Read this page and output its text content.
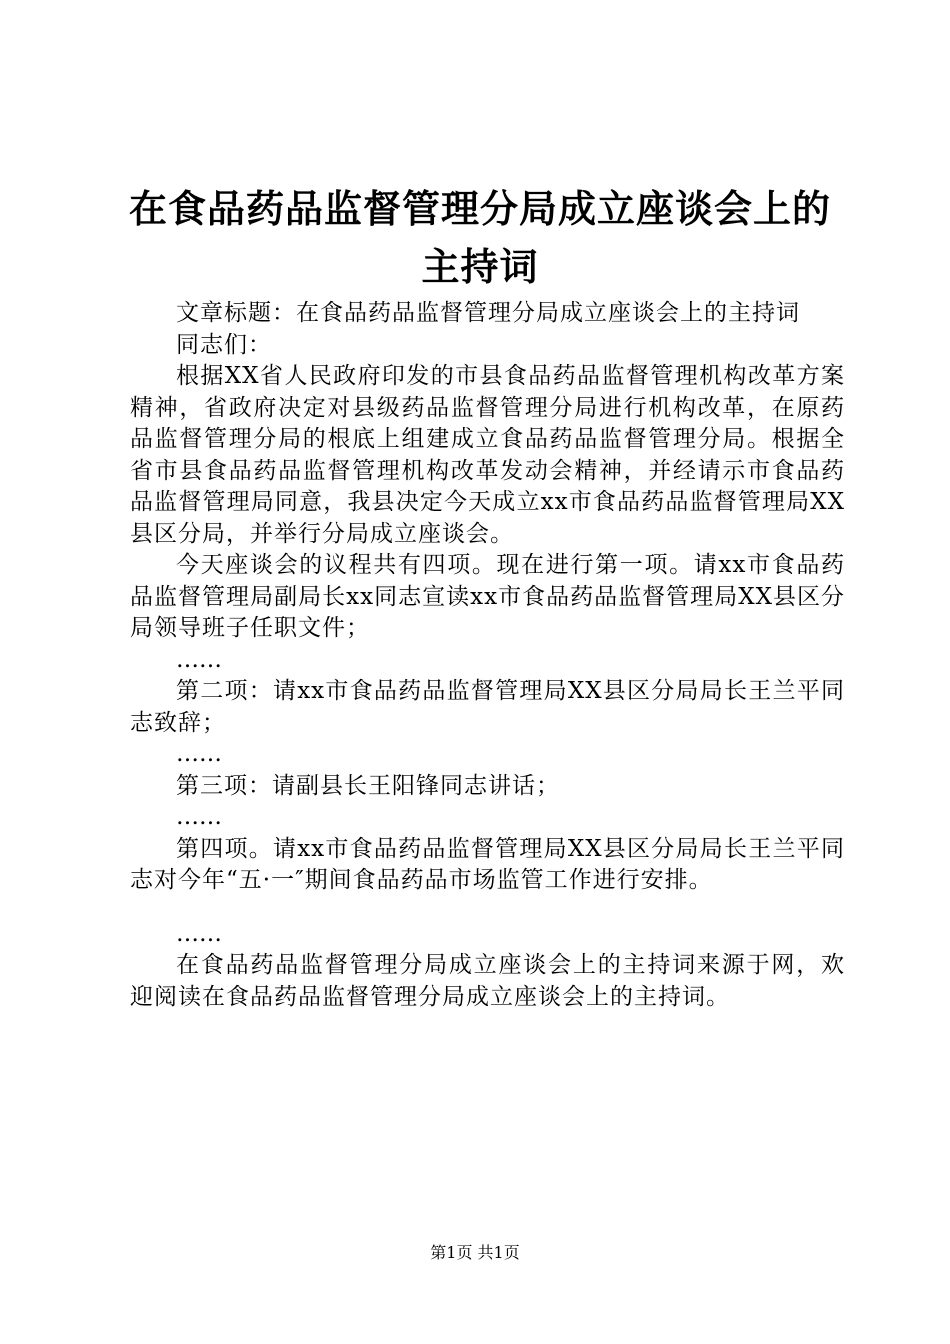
在食品药品监督管理分局成立座谈会上的主持词

文章标题：在食品药品监督管理分局成立座谈会上的主持词

同志们：

根据XX省人民政府印发的市县食品药品监督管理机构改革方案精神，省政府决定对县级药品监督管理分局进行机构改革，在原药品监督管理分局的根底上组建成立食品药品监督管理分局。根据全省市县食品药品监督管理机构改革发动会精神，并经请示市食品药品监督管理局同意，我县决定今天成立xx市食品药品监督管理局XX县区分局，并举行分局成立座谈会。

今天座谈会的议程共有四项。现在进行第一项。请xx市食品药品监督管理局副局长xx同志宣读xx市食品药品监督管理局XX县区分局领导班子任职文件；

……

第二项：请xx市食品药品监督管理局XX县区分局局长王兰平同志致辞；

……

第三项：请副县长王阳锋同志讲话；

……

第四项。请xx市食品药品监督管理局XX县区分局局长王兰平同志对今年“五·一″期间食品药品市场监管工作进行安排。

……

在食品药品监督管理分局成立座谈会上的主持词来源于网，欢迎阅读在食品药品监督管理分局成立座谈会上的主持词。

第1页 共1页
